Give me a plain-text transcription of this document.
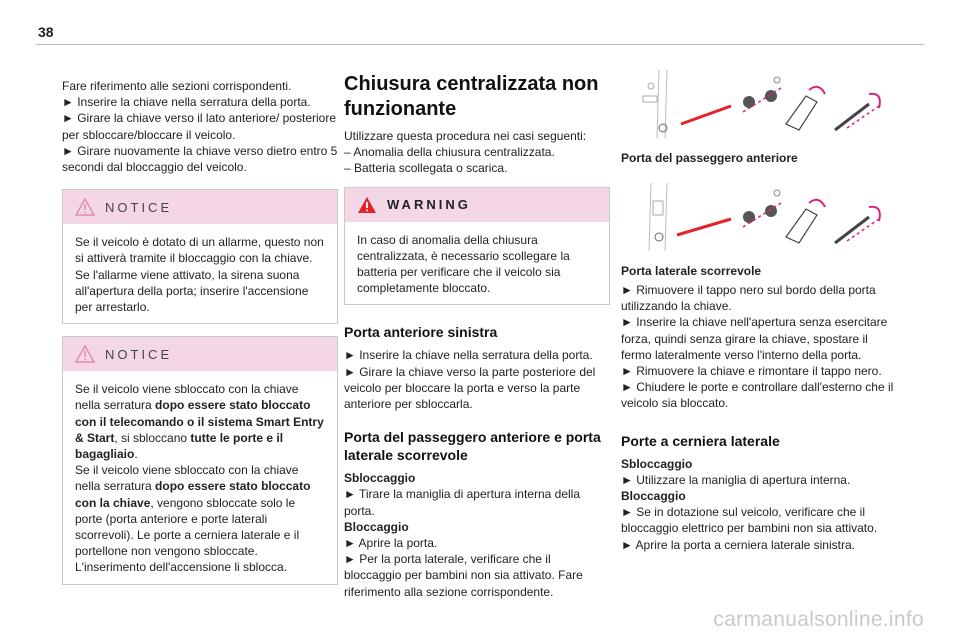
38

Fare riferimento alle sezioni corrispondenti.

► Inserire la chiave nella serratura della porta.

► Girare la chiave verso il lato anteriore/ posteriore per sbloccare/bloccare il veicolo.

► Girare nuovamente la chiave verso dietro entro 5 secondi dal bloccaggio del veicolo.

NOTICE

Se il veicolo è dotato di un allarme, questo non si attiverà tramite il bloccaggio con la chiave.

Se l'allarme viene attivato, la sirena suona all'apertura della porta; inserire l'accensione per arrestarlo.

NOTICE

Se il veicolo viene sbloccato con la chiave nella serratura dopo essere stato bloccato con il telecomando o il sistema Smart Entry & Start, si sbloccano tutte le porte e il bagagliaio.

Se il veicolo viene sbloccato con la chiave nella serratura dopo essere stato bloccato con la chiave, vengono sbloccate solo le porte (porta anteriore e porte laterali scorrevoli). Le porte a cerniera laterale e il portellone non vengono sbloccate.

L'inserimento dell'accensione li sblocca.

Chiusura centralizzata non funzionante

Utilizzare questa procedura nei casi seguenti:

– Anomalia della chiusura centralizzata.

– Batteria scollegata o scarica.

WARNING

In caso di anomalia della chiusura centralizzata, è necessario scollegare la batteria per verificare che il veicolo sia completamente bloccato.

Porta anteriore sinistra

► Inserire la chiave nella serratura della porta.

► Girare la chiave verso la parte posteriore del veicolo per bloccare la porta e verso la parte anteriore per sbloccarla.

Porta del passeggero anteriore e porta laterale scorrevole

Sbloccaggio

► Tirare la maniglia di apertura interna della porta.

Bloccaggio

► Aprire la porta.

► Per la porta laterale, verificare che il bloccaggio per bambini non sia attivato. Fare riferimento alla sezione corrispondente.

Porta del passeggero anteriore

Porta laterale scorrevole

► Rimuovere il tappo nero sul bordo della porta utilizzando la chiave.

► Inserire la chiave nell'apertura senza esercitare forza, quindi senza girare la chiave, spostare il fermo lateralmente verso l'interno della porta.

► Rimuovere la chiave e rimontare il tappo nero.

► Chiudere le porte e controllare dall'esterno che il veicolo sia bloccato.

Porte a cerniera laterale

Sbloccaggio

► Utilizzare la maniglia di apertura interna.

Bloccaggio

► Se in dotazione sul veicolo, verificare che il bloccaggio elettrico per bambini non sia attivato.

► Aprire la porta a cerniera laterale sinistra.

carmanualsonline.info
